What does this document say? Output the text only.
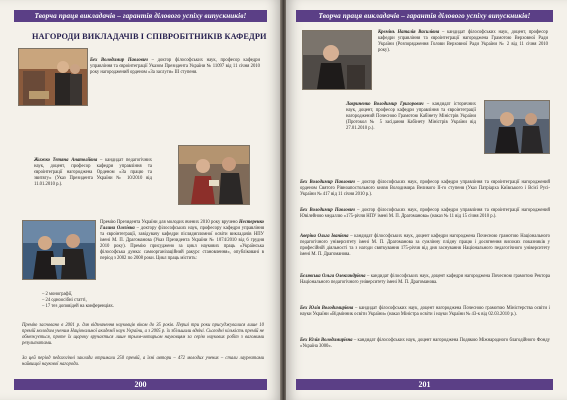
Творча праця викладачів – гарантія ділового успіху випускників!
НАГОРОДИ ВИКЛАДАЧІВ І СПІВРОБІТНИКІВ КАФЕДРИ
Бех Володимир Павлович – доктор філософських наук, професор кафедри управління та євроінтеграції Указом Президента України № 11097 від 11 січня 2010 року нагороджений орденом «За заслуги» ІІІ ступеня.
Жижко Тетяна Анатоліївна – кандидат педагогічних наук, доцент, професор кафедри управління та євроінтеграції нагороджена Орденом «За працю та звитягу» (Указ Президента України № 10/2010 від 11.01.2010 р.).
Премію Президента України для молодих вчених 2010 року вручено Нестеренко Галина Олегівна – доктору філософських наук, професору кафедри управління та євроінтеграції, завідувачу кафедри післядипломної освіти викладачів НПУ імені М. П. Драгоманова (Указ Президента України № 1074/2010 від 6 грудня 2010 року). Премію присуджено за цикл наукових праць «Українська філософська думка: самоорганізаційний ракурс становлення», опубліковані в період з 2002 по 2008 роки. Цикл праць містить:
– 2 монографії,
– 24 одноосібні статті,
– 17 тез доповідей на конференціях.
Премію засновано в 2001 р. для відзначення науковців віком до 35 років. Перші три роки присуджувалися лише 10 премій молодим ученим Національної академії наук України, а з 2005 р. їх збільшили вдвічі. Сьогодні кількість премій не обмежується, проте їх щороку вручається лише трьом-чотирьом науковцям за серію наукових робіт з вагомими результатами.
За цей період педагогічні заклади отримали 250 премій, а їхні автори – 472 молодих учених – стали лауреатами найвищої наукової нагороди.
200
Творча праця викладачів – гарантія ділового успіху випускників!
Кремінь Наталія Василівна – кандидат філософських наук, доцент, професор кафедри управління та євроінтеграції нагороджена Грамотою Верховної Ради України (Розпорядження Голови Верховної Ради України № 2 від 11 січня 2010 року).
Лавриненко Володимир Григорович – кандидат історичних наук, доцент, професор кафедри управління та євроінтеграції нагороджений Почесною Грамотою Кабінету Міністрів України (Протокол № 5 засідання Кабінету Міністрів України від 27.01.2010 р.).
Бех Володимир Павлович – доктор філософських наук, професор кафедри управління та євроінтеграції нагороджений орденом Святого Рівноапостольного князя Володимира Великого ІІ-го ступеня (Указ Патріарха Київського і Всієї Русі-України № 417 від 11 січня 2010 р.).
Бех Володимир Павлович – доктор філософських наук, професор кафедри управління та євроінтеграції нагороджений Ювілейною медаллю «175-річчя НПУ імені М. П. Драгоманова» (наказ № 11 від 15 січня 2010 р.).
Аверіна Ольга Іванівна – кандидат філософських наук, доцент кафедри нагороджена Почесною грамотою Національного педагогічного університету імені М. П. Драгоманова за сумлінну плідну працю і досягнення високих показників у професійній діяльності та з нагоди святкування 175-річчя від дня заснування Національного педагогічного університету імені М. П. Драгоманова.
Бєлявська Ольга Олександрівна – кандидат філософських наук, доцент кафедри нагороджена Почесною грамотою Ректора Національного педагогічного університету імені М. П. Драгоманова.
Бех Юлія Володимирівна – кандидат філософських наук, доцент нагороджена Почесною грамотою Міністерства освіти і науки України «Відмінник освіти України» (наказ Міністра освіти і науки України № 43-к від 02.03.2010 р.).
Бех Юлія Володимирівна – кандидат філософських наук, доцент нагороджена Подякою Міжнародного благодійного Фонду «Україна 3000».
201
